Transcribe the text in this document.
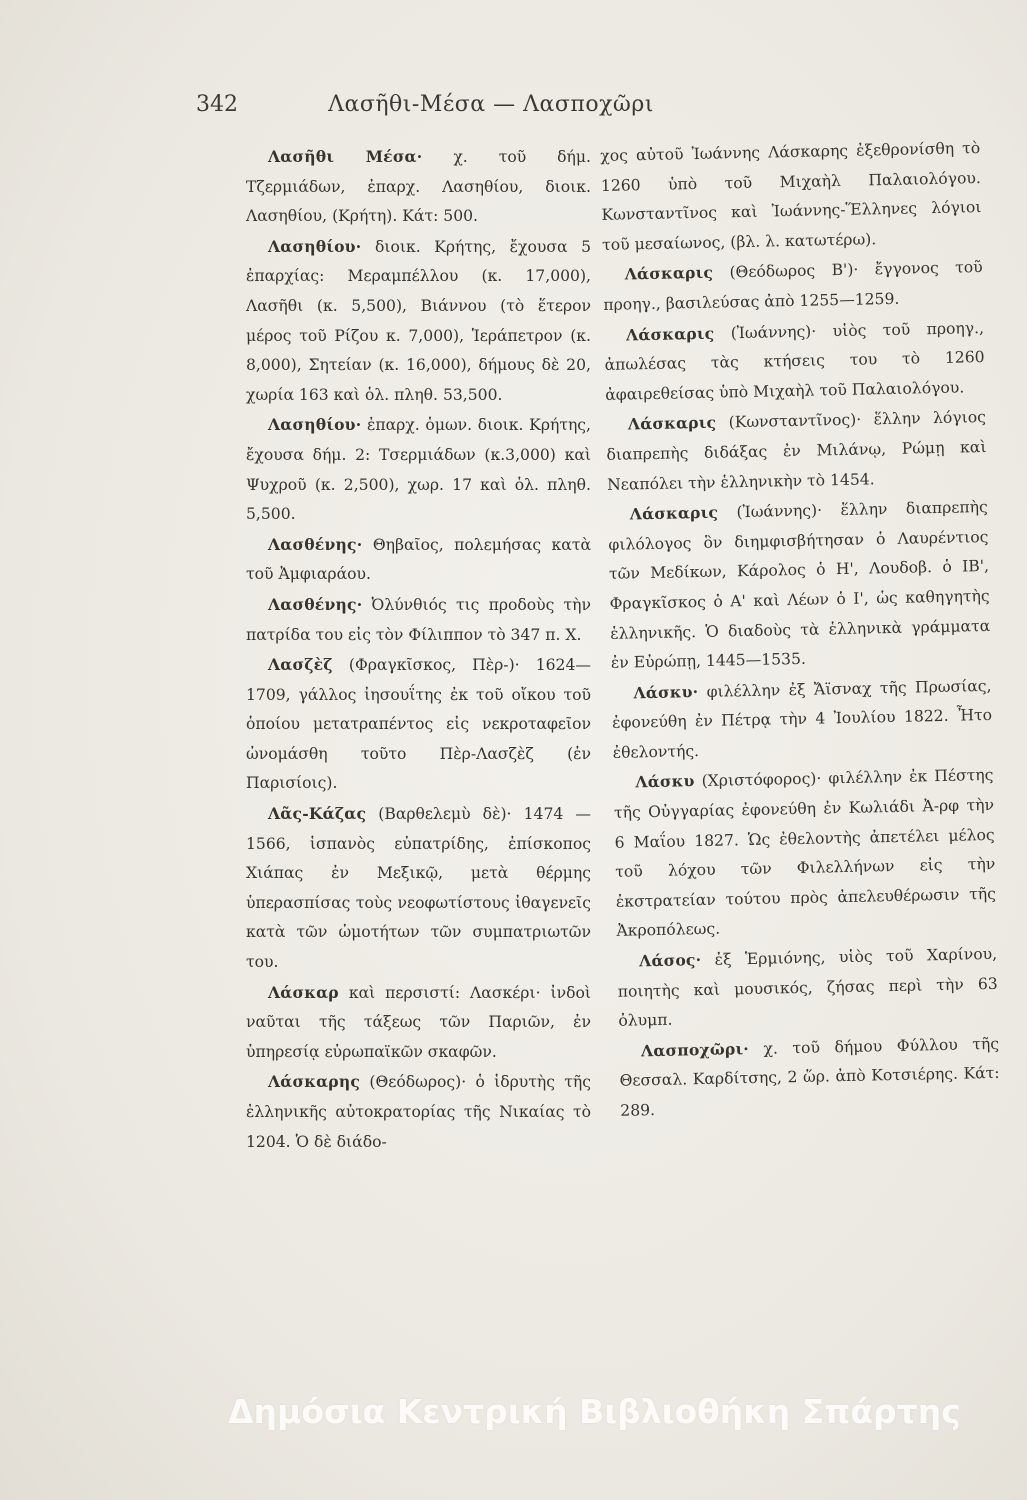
342	Λασῆθι-Μέσα — Λασποχῶρι

Λασῆθι Μέσα· χ. τοῦ δήμ. Τζερμιάδων, ἐπαρχ. Λασηθίου, διοικ. Λασηθίου, (Κρήτη). Κάτ: 500.

Λασηθίου· διοικ. Κρήτης, ἔχουσα 5 ἐπαρχίας: Μεραμπέλλου (κ. 17,000), Λασῆθι (κ. 5,500), Βιάννου (τὸ ἕτερον μέρος τοῦ Ρίζου κ. 7,000), Ἱεράπετρον (κ. 8,000), Σητείαν (κ. 16,000), δήμους δὲ 20, χωρία 163 καὶ ὁλ. πληθ. 53,500.

Λασηθίου· ἐπαρχ. ὁμων. διοικ. Κρήτης, ἔχουσα δήμ. 2: Τσερμιάδων (κ.3,000) καὶ Ψυχροῦ (κ. 2,500), χωρ. 17 καὶ ὁλ. πληθ. 5,500.

Λασθένης· Θηβαῖος, πολεμήσας κατὰ τοῦ Ἀμφιαράου.

Λασθένης· Ὀλύνθιός τις προδοὺς τὴν πατρίδα του εἰς τὸν Φίλιππον τὸ 347 π. Χ.

Λασζὲζ (Φραγκῖσκος, Πὲρ-)· 1624—1709, γάλλος ἰησουΐτης ἐκ τοῦ οἴκου τοῦ ὁποίου μετατραπέντος εἰς νεκροταφεῖον ὠνομάσθη τοῦτο Πὲρ-Λασζὲζ (ἐν Παρισίοις).

Λᾶς-Κάζας (Βαρθελεμὺ δὲ)· 1474 — 1566, ἱσπανὸς εὐπατρίδης, ἐπίσκοπος Χιάπας ἐν Μεξικῷ, μετὰ θέρμης ὑπερασπίσας τοὺς νεοφωτίστους ἰθαγενεῖς κατὰ τῶν ὠμοτήτων τῶν συμπατριωτῶν του.

Λάσκαρ καὶ περσιστί: Λασκέρι· ἰνδοὶ ναῦται τῆς τάξεως τῶν Παριῶν, ἐν ὑπηρεσίᾳ εὐρωπαϊκῶν σκαφῶν.

Λάσκαρης (Θεόδωρος)· ὁ ἱδρυτὴς τῆς ἑλληνικῆς αὐτοκρατορίας τῆς Νικαίας τὸ 1204. Ὁ δὲ διάδο-

χος αὐτοῦ Ἰωάννης Λάσκαρης ἐξεθρονίσθη τὸ 1260 ὑπὸ τοῦ Μιχαὴλ Παλαιολόγου. Κωνσταντῖνος καὶ Ἰωάννης-Ἕλληνες λόγιοι τοῦ μεσαίωνος, (βλ. λ. κατωτέρω).

Λάσκαρις (Θεόδωρος Β')· ἔγγονος τοῦ προηγ., βασιλεύσας ἀπὸ 1255—1259.

Λάσκαρις (Ἰωάννης)· υἱὸς τοῦ προηγ., ἀπωλέσας τὰς κτήσεις του τὸ 1260 ἀφαιρεθείσας ὑπὸ Μιχαὴλ τοῦ Παλαιολόγου.

Λάσκαρις (Κωνσταντῖνος)· ἕλλην λόγιος διαπρεπὴς διδάξας ἐν Μιλάνῳ, Ρώμῃ καὶ Νεαπόλει τὴν ἑλληνικὴν τὸ 1454.

Λάσκαρις (Ἰωάννης)· ἕλλην διαπρεπὴς φιλόλογος ὃν διημφισβήτησαν ὁ Λαυρέντιος τῶν Μεδίκων, Κάρολος ὁ Η', Λουδοβ. ὁ ΙΒ', Φραγκῖσκος ὁ Α' καὶ Λέων ὁ Ι', ὡς καθηγητὴς ἑλληνικῆς. Ὁ διαδοὺς τὰ ἑλληνικὰ γράμματα ἐν Εὐρώπῃ, 1445—1535.

Λάσκυ· φιλέλλην ἐξ Ἄϊσναχ τῆς Πρωσίας, ἐφονεύθη ἐν Πέτρᾳ τὴν 4 Ἰουλίου 1822. Ἦτο ἐθελοντής.

Λάσκυ (Χριστόφορος)· φιλέλλην ἐκ Πέστης τῆς Οὐγγαρίας ἐφονεύθη ἐν Κωλιάδι Ἀ-ρφ τὴν 6 Μαΐου 1827. Ὡς ἐθελοντὴς ἀπετέλει μέλος τοῦ λόχου τῶν Φιλελλήνων εἰς τὴν ἐκστρατείαν τούτου πρὸς ἀπελευθέρωσιν τῆς Ἀκροπόλεως.

Λάσος· ἐξ Ἑρμιόνης, υἱὸς τοῦ Χαρίνου, ποιητὴς καὶ μουσικός, ζήσας περὶ τὴν 63 ὀλυμπ.

Λασποχῶρι· χ. τοῦ δήμου Φύλλου τῆς Θεσσαλ. Καρδίτσης, 2 ὥρ. ἀπὸ Κοτσιέρης. Κάτ: 289.

Δημόσια Κεντρική Βιβλιοθήκη Σπάρτης
